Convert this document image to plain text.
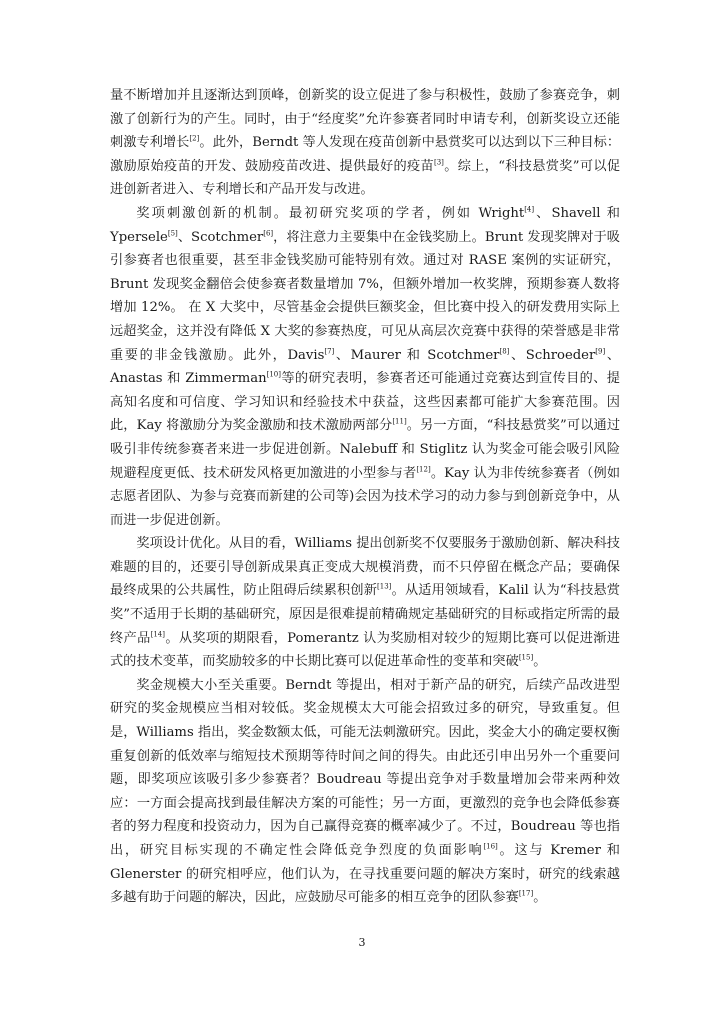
量不断增加并且逐渐达到顶峰，创新奖的设立促进了参与积极性，鼓励了参赛竞争，刺激了创新行为的产生。同时，由于“经度奖”允许参赛者同时申请专利，创新奖设立还能刺激专利增长[2]。此外，Berndt 等人发现在疫苗创新中悬赏奖可以达到以下三种目标：激励原始疫苗的开发、鼓励疫苗改进、提供最好的疫苗[3]。综上，“科技悬赏奖”可以促进创新者进入、专利增长和产品开发与改进。

奖项刺激创新的机制。最初研究奖项的学者，例如 Wright[4]、Shavell 和 Ypersele[5]、Scotchmer[6]，将注意力主要集中在金钱奖励上。Brunt 发现奖牌对于吸引参赛者也很重要，甚至非金钱奖励可能特别有效。通过对 RASE 案例的实证研究，Brunt 发现奖金翻倍会使参赛者数量增加 7%，但额外增加一枚奖牌，预期参赛人数将增加 12%。 在 X 大奖中，尽管基金会提供巨额奖金，但比赛中投入的研发费用实际上远超奖金，这并没有降低 X 大奖的参赛热度，可见从高层次竞赛中获得的荣誉感是非常重要的非金钱激励。此外，Davis[7]、Maurer 和 Scotchmer[8]、Schroeder[9]、Anastas 和 Zimmerman[10]等的研究表明，参赛者还可能通过竞赛达到宣传目的、提高知名度和可信度、学习知识和经验技术中获益，这些因素都可能扩大参赛范围。因此，Kay 将激励分为奖金激励和技术激励两部分[11]。另一方面，“科技悬赏奖”可以通过吸引非传统参赛者来进一步促进创新。Nalebuff 和 Stiglitz 认为奖金可能会吸引风险规避程度更低、技术研发风格更加激进的小型参与者[12]。Kay 认为非传统参赛者（例如志愿者团队、为参与竞赛而新建的公司等)会因为技术学习的动力参与到创新竞争中，从而进一步促进创新。

奖项设计优化。从目的看，Williams 提出创新奖不仅要服务于激励创新、解决科技难题的目的，还要引导创新成果真正变成大规模消费，而不只停留在概念产品；要确保最终成果的公共属性，防止阻碍后续累积创新[13]。从适用领域看，Kalil 认为“科技悬赏奖”不适用于长期的基础研究，原因是很难提前精确规定基础研究的目标或指定所需的最终产品[14]。从奖项的期限看，Pomerantz 认为奖励相对较少的短期比赛可以促进渐进式的技术变革，而奖励较多的中长期比赛可以促进革命性的变革和突破[15]。

奖金规模大小至关重要。Berndt 等提出，相对于新产品的研究，后续产品改进型研究的奖金规模应当相对较低。奖金规模太大可能会招致过多的研究，导致重复。但是，Williams 指出，奖金数额太低，可能无法刺激研究。因此，奖金大小的确定要权衡重复创新的低效率与缩短技术预期等待时间之间的得失。由此还引申出另外一个重要问题，即奖项应该吸引多少参赛者？Boudreau 等提出竞争对手数量增加会带来两种效应：一方面会提高找到最佳解决方案的可能性；另一方面，更激烈的竞争也会降低参赛者的努力程度和投资动力，因为自己赢得竞赛的概率减少了。不过，Boudreau 等也指出，研究目标实现的不确定性会降低竞争烈度的负面影响[16]。这与 Kremer 和 Glenerster 的研究相呼应，他们认为，在寻找重要问题的解决方案时，研究的线索越多越有助于问题的解决，因此，应鼓励尽可能多的相互竞争的团队参赛[17]。

3
